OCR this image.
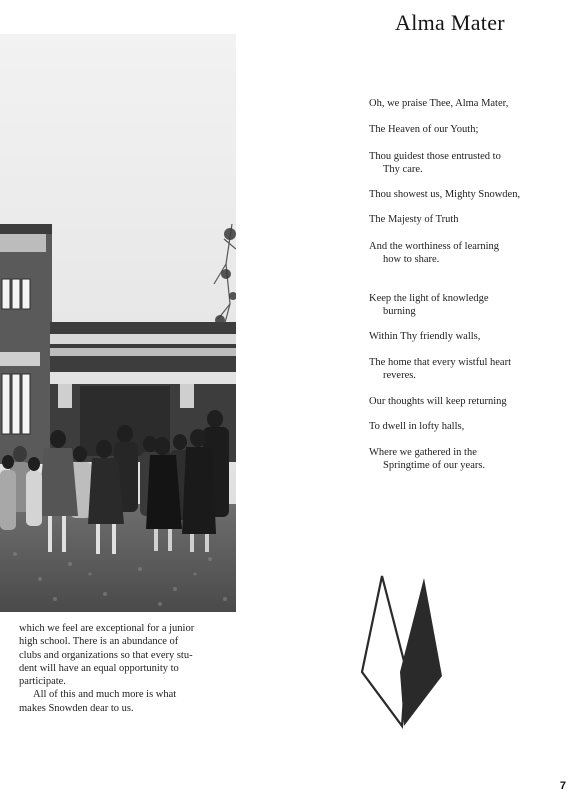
Alma Mater
Oh, we praise Thee, Alma Mater,
The Heaven of our Youth;
Thou guidest those entrusted to
Thy care.
Thou showest us, Mighty Snowden,
The Majesty of Truth
And the worthiness of learning
how to share.
Keep the light of knowledge
burning
Within Thy friendly walls,
The home that every wistful heart
reveres.
Our thoughts will keep returning
To dwell in lofty halls,
Where we gathered in the
Springtime of our years.
which we feel are exceptional for a junior
high school. There is an abundance of
clubs and organizations so that every stu-
dent will have an equal opportunity to
participate.
All of this and much more is what
makes Snowden dear to us.
7
